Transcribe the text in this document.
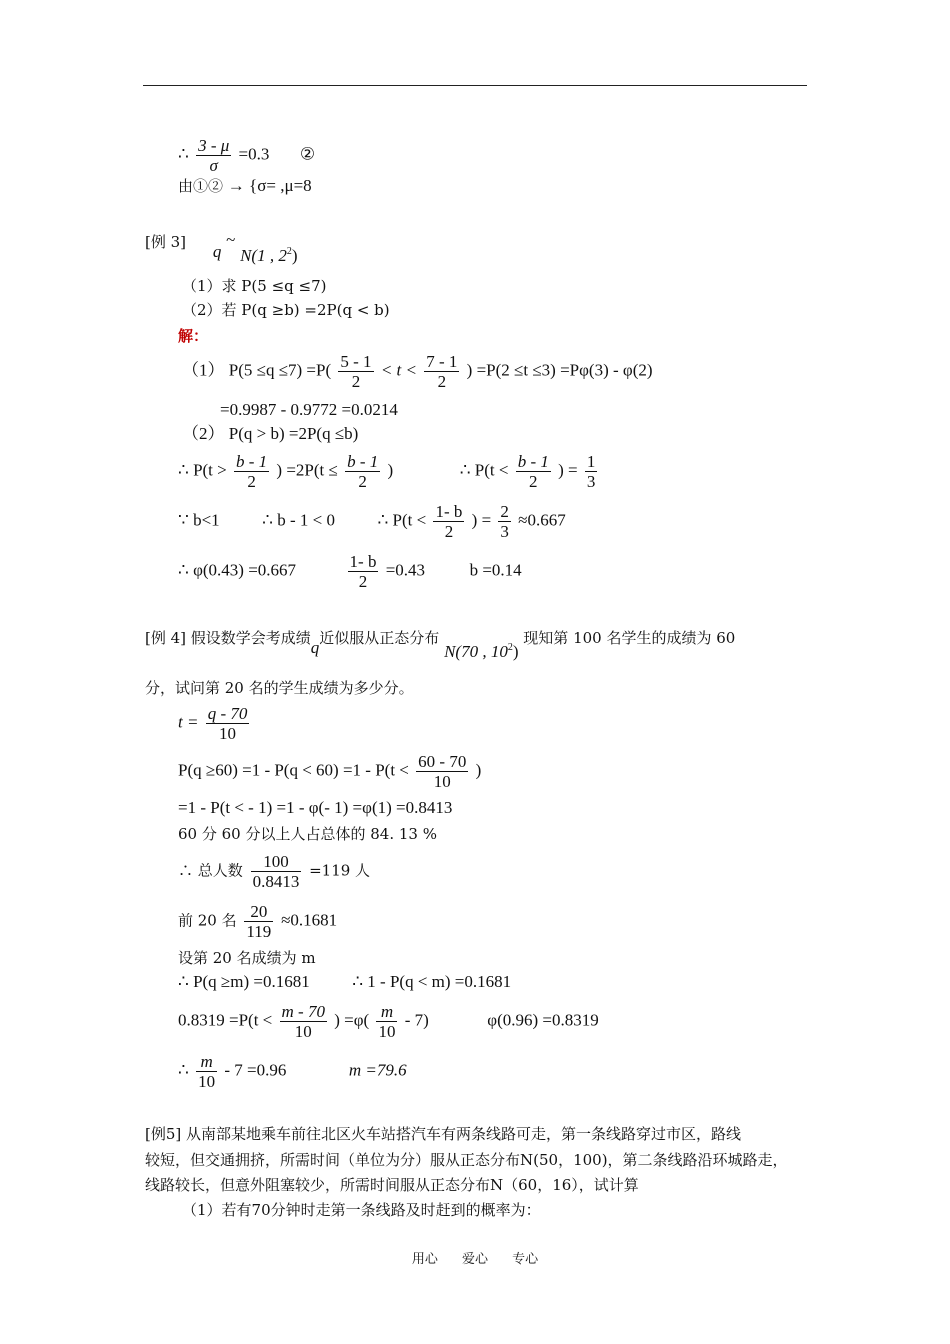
∴ $\frac{3 - \mu}{\sigma} =0.3$ ②
由①② → {σ= ,μ=8
[例 3] q ~ N(1 , $2^2$)
（1）求 P(5 ≤q ≤7)
（2）若 P(q ≥b) =2P(q < b)
解：
（1） $P(5 \le q \le 7) =P( \frac{5 - 1}{2} < t < \frac{7 - 1}{2}$ ) =P(2 ≤t ≤3) =Pφ(3) - φ(2)
=0.9987 - 0.9772 =0.0214
（2） P(q > b) =2P(q ≤b)
∴ $P(t > \frac{b - 1}{2}$ ) $=2P(t \le \frac{b - 1}{2}$ )	∴ $P(t < \frac{b - 1}{2}$ ) = $\frac{1}{3}$
∵ b<1	∴ b - 1 < 0	∴ $P(t < \frac{1- b}{2}$ ) = $\frac{2}{3} \approx 0.667$
∴ φ(0.43) =0.667	$\frac{1- b}{2} =0.43$	b =0.14
[例 4] 假设数学会考成绩q近似服从正态分布 N(70 , $10^2$) 现知第 100 名学生的成绩为 60
分，试问第 20 名的学生成绩为多少分。
$t = \frac{q - 70}{10}$
$P(q \ge 60) =1 - P(q < 60) =1 - P(t < \frac{60 - 70}{10}$ )
=1 - P(t < - 1) =1 - φ(- 1) =φ(1) =0.8413
60 分 60 分以上人占总体的 84. 13 %
∴ 总人数 $\frac{100}{0.8413} =119$ 人
前 20 名 $\frac{20}{119} \approx 0.1681$
设第 20 名成绩为 m
∴ P(q ≥m) =0.1681	∴ 1 - P(q < m) =0.1681
$0.8319 =P(t < \frac{m - 70}{10}$ ) $=\varphi( \frac{m}{10} - 7)$	φ(0.96) =0.8319
∴ $\frac{m}{10} - 7 =0.96$	m =79.6
[例5] 从南部某地乘车前往北区火车站搭汽车有两条线路可走，第一条线路穿过市区，路线
较短，但交通拥挤，所需时间（单位为分）服从正态分布N(50，100)，第二条线路沿环城路走，
线路较长，但意外阻塞较少，所需时间服从正态分布N（60，16），试计算
（1）若有70分钟时走第一条线路及时赶到的概率为：
用心 爱心 专心
